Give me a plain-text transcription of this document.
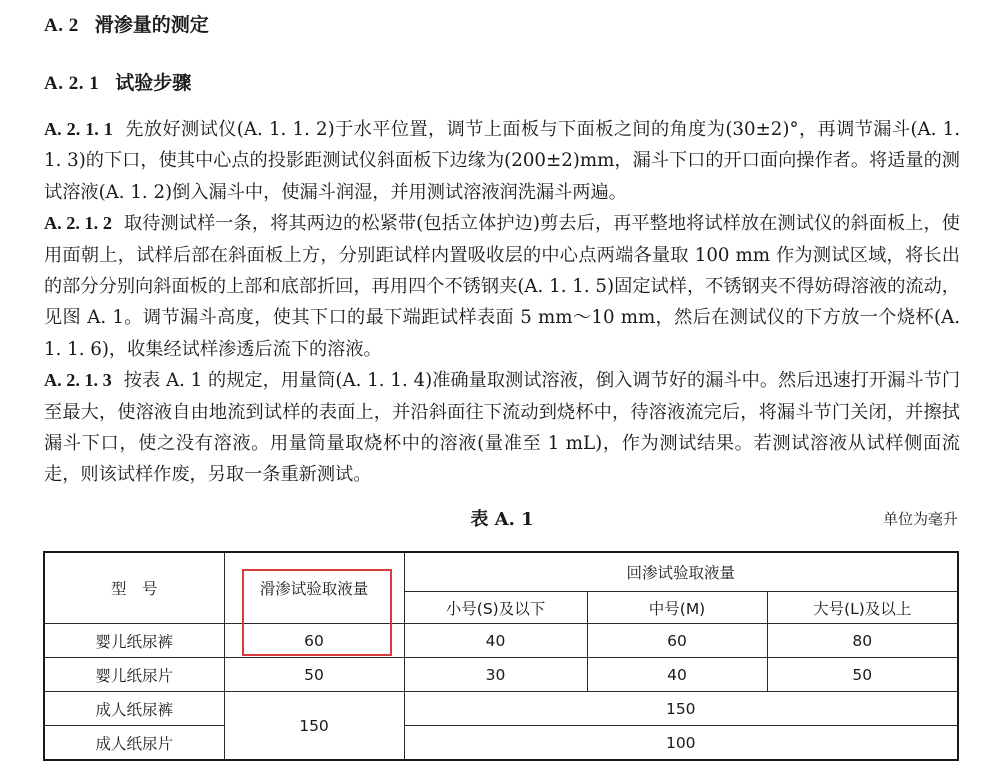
A. 2 滑渗量的测定
A. 2. 1 试验步骤

A. 2. 1. 1 先放好测试仪(A. 1. 1. 2)于水平位置，调节上面板与下面板之间的角度为(30±2)°，再调节漏斗(A. 1. 1. 3)的下口，使其中心点的投影距测试仪斜面板下边缘为(200±2)mm，漏斗下口的开口面向操作者。将适量的测试溶液(A. 1. 2)倒入漏斗中，使漏斗润湿，并用测试溶液润洗漏斗两遍。

A. 2. 1. 2 取待测试样一条，将其两边的松紧带(包括立体护边)剪去后，再平整地将试样放在测试仪的斜面板上，使用面朝上，试样后部在斜面板上方，分别距试样内置吸收层的中心点两端各量取 100 mm 作为测试区域，将长出的部分分别向斜面板的上部和底部折回，再用四个不锈钢夹(A. 1. 1. 5)固定试样，不锈钢夹不得妨碍溶液的流动，见图 A. 1。调节漏斗高度，使其下口的最下端距试样表面 5 mm～10 mm，然后在测试仪的下方放一个烧杯(A. 1. 1. 6)，收集经试样渗透后流下的溶液。

A. 2. 1. 3 按表 A. 1 的规定，用量筒(A. 1. 1. 4)准确量取测试溶液，倒入调节好的漏斗中。然后迅速打开漏斗节门至最大，使溶液自由地流到试样的表面上，并沿斜面往下流动到烧杯中，待溶液流完后，将漏斗节门关闭，并擦拭漏斗下口，使之没有溶液。用量筒量取烧杯中的溶液(量准至 1 mL)，作为测试结果。若测试溶液从试样侧面流走，则该试样作废，另取一条重新测试。

表 A. 1	单位为毫升
型　号	滑渗试验取液量	回渗试验取液量		
		小号(S)及以下	中号(M)	大号(L)及以上
婴儿纸尿裤	60	40	60	80
婴儿纸尿片	50	30	40	50
成人纸尿裤	150	150		
成人纸尿片		100		
